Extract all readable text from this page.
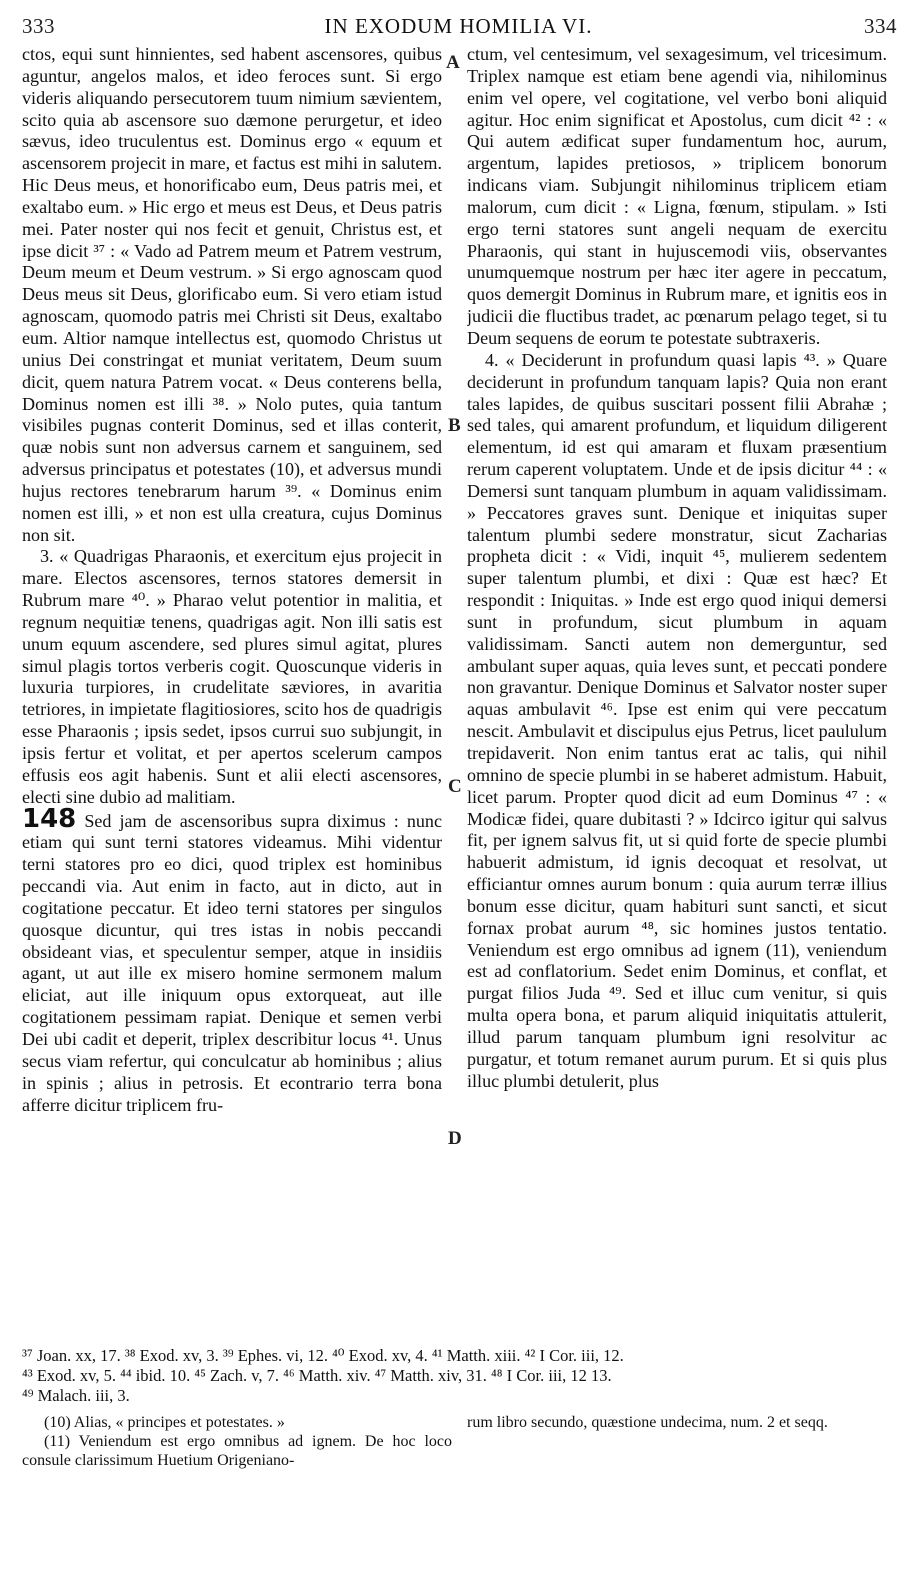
333	IN EXODUM HOMILIA VI.	334

ctos, equi sunt hinnientes, sed habent ascensores, quibus aguntur, angelos malos, et ideo feroces sunt. Si ergo videris aliquando persecutorem tuum nimium sævientem, scito quia ab ascensore suo dæmone perurgetur, et ideo sævus, ideo truculentus est. Dominus ergo « equum et ascensorem projecit in mare, et factus est mihi in salutem. Hic Deus meus, et honorificabo eum, Deus patris mei, et exaltabo eum. » Hic ergo et meus est Deus, et Deus patris mei. Pater noster qui nos fecit et genuit, Christus est, et ipse dicit ³⁷ : « Vado ad Patrem meum et Patrem vestrum, Deum meum et Deum vestrum. » Si ergo agnoscam quod Deus meus sit Deus, glorificabo eum. Si vero etiam istud agnoscam, quomodo patris mei Christi sit Deus, exaltabo eum. Altior namque intellectus est, quomodo Christus ut unius Dei constringat et muniat veritatem, Deum suum dicit, quem natura Patrem vocat. « Deus conterens bella, Dominus nomen est illi ³⁸. » Nolo putes, quia tantum visibiles pugnas conterit Dominus, sed et illas conterit, quæ nobis sunt non adversus carnem et sanguinem, sed adversus principatus et potestates (10), et adversus mundi hujus rectores tenebrarum harum ³⁹. « Dominus enim nomen est illi, » et non est ulla creatura, cujus Dominus non sit.

3. « Quadrigas Pharaonis, et exercitum ejus projecit in mare. Electos ascensores, ternos statores demersit in Rubrum mare ⁴⁰. » Pharao velut potentior in malitia, et regnum nequitiæ tenens, quadrigas agit. Non illi satis est unum equum ascendere, sed plures simul agitat, plures simul plagis tortos verberis cogit. Quoscunque videris in luxuria turpiores, in crudelitate sæviores, in avaritia tetriores, in impietate flagitiosiores, scito hos de quadrigis esse Pharaonis ; ipsis sedet, ipsos currui suo subjungit, in ipsis fertur et volitat, et per apertos scelerum campos effusis eos agit habenis. Sunt et alii electi ascensores, electi sine dubio ad malitiam.

148 Sed jam de ascensoribus supra diximus : nunc etiam qui sunt terni statores videamus. Mihi videntur terni statores pro eo dici, quod triplex est hominibus peccandi via. Aut enim in facto, aut in dicto, aut in cogitatione peccatur. Et ideo terni statores per singulos quosque dicuntur, qui tres istas in nobis peccandi obsideant vias, et speculentur semper, atque in insidiis agant, ut aut ille ex misero homine sermonem malum eliciat, aut ille iniquum opus extorqueat, aut ille cogitationem pessimam rapiat. Denique et semen verbi Dei ubi cadit et deperit, triplex describitur locus ⁴¹. Unus secus viam refertur, qui conculcatur ab hominibus ; alius in spinis ; alius in petrosis. Et econtrario terra bona afferre dicitur triplicem fru-

ctum, vel centesimum, vel sexagesimum, vel tricesimum. Triplex namque est etiam bene agendi via, nihilominus enim vel opere, vel cogitatione, vel verbo boni aliquid agitur. Hoc enim significat et Apostolus, cum dicit ⁴² : « Qui autem ædificat super fundamentum hoc, aurum, argentum, lapides pretiosos, » triplicem bonorum indicans viam. Subjungit nihilominus triplicem etiam malorum, cum dicit : « Ligna, fœnum, stipulam. » Isti ergo terni statores sunt angeli nequam de exercitu Pharaonis, qui stant in hujuscemodi viis, observantes unumquemque nostrum per hæc iter agere in peccatum, quos demergit Dominus in Rubrum mare, et ignitis eos in judicii die fluctibus tradet, ac pœnarum pelago teget, si tu Deum sequens de eorum te potestate subtraxeris.

4. « Deciderunt in profundum quasi lapis ⁴³. » Quare deciderunt in profundum tanquam lapis? Quia non erant tales lapides, de quibus suscitari possent filii Abrahæ ; sed tales, qui amarent profundum, et liquidum diligerent elementum, id est qui amaram et fluxam præsentium rerum caperent voluptatem. Unde et de ipsis dicitur ⁴⁴ : « Demersi sunt tanquam plumbum in aquam validissimam. » Peccatores graves sunt. Denique et iniquitas super talentum plumbi sedere monstratur, sicut Zacharias propheta dicit : « Vidi, inquit ⁴⁵, mulierem sedentem super talentum plumbi, et dixi : Quæ est hæc? Et respondit : Iniquitas. » Inde est ergo quod iniqui demersi sunt in profundum, sicut plumbum in aquam validissimam. Sancti autem non demerguntur, sed ambulant super aquas, quia leves sunt, et peccati pondere non gravantur. Denique Dominus et Salvator noster super aquas ambulavit ⁴⁶. Ipse est enim qui vere peccatum nescit. Ambulavit et discipulus ejus Petrus, licet paululum trepidaverit. Non enim tantus erat ac talis, qui nihil omnino de specie plumbi in se haberet admistum. Habuit, licet parum. Propter quod dicit ad eum Dominus ⁴⁷ : « Modicæ fidei, quare dubitasti ? » Idcirco igitur qui salvus fit, per ignem salvus fit, ut si quid forte de specie plumbi habuerit admistum, id ignis decoquat et resolvat, ut efficiantur omnes aurum bonum : quia aurum terræ illius bonum esse dicitur, quam habituri sunt sancti, et sicut fornax probat aurum ⁴⁸, sic homines justos tentatio. Veniendum est ergo omnibus ad ignem (11), veniendum est ad conflatorium. Sedet enim Dominus, et conflat, et purgat filios Juda ⁴⁹. Sed et illuc cum venitur, si quis multa opera bona, et parum aliquid iniquitatis attulerit, illud parum tanquam plumbum igni resolvitur ac purgatur, et totum remanet aurum purum. Et si quis plus illuc plumbi detulerit, plus

A
B
C
D
³⁷ Joan. xx, 17. ³⁸ Exod. xv, 3. ³⁹ Ephes. vi, 12. ⁴⁰ Exod. xv, 4. ⁴¹ Matth. xiii. ⁴² I Cor. iii, 12.
⁴³ Exod. xv, 5. ⁴⁴ ibid. 10. ⁴⁵ Zach. v, 7. ⁴⁶ Matth. xiv. ⁴⁷ Matth. xiv, 31. ⁴⁸ I Cor. iii, 12 13.
⁴⁹ Malach. iii, 3.

(10) Alias, « principes et potestates. »

(11) Veniendum est ergo omnibus ad ignem. De hoc loco consule clarissimum Huetium Origeniano-

rum libro secundo, quæstione undecima, num. 2 et seqq.
